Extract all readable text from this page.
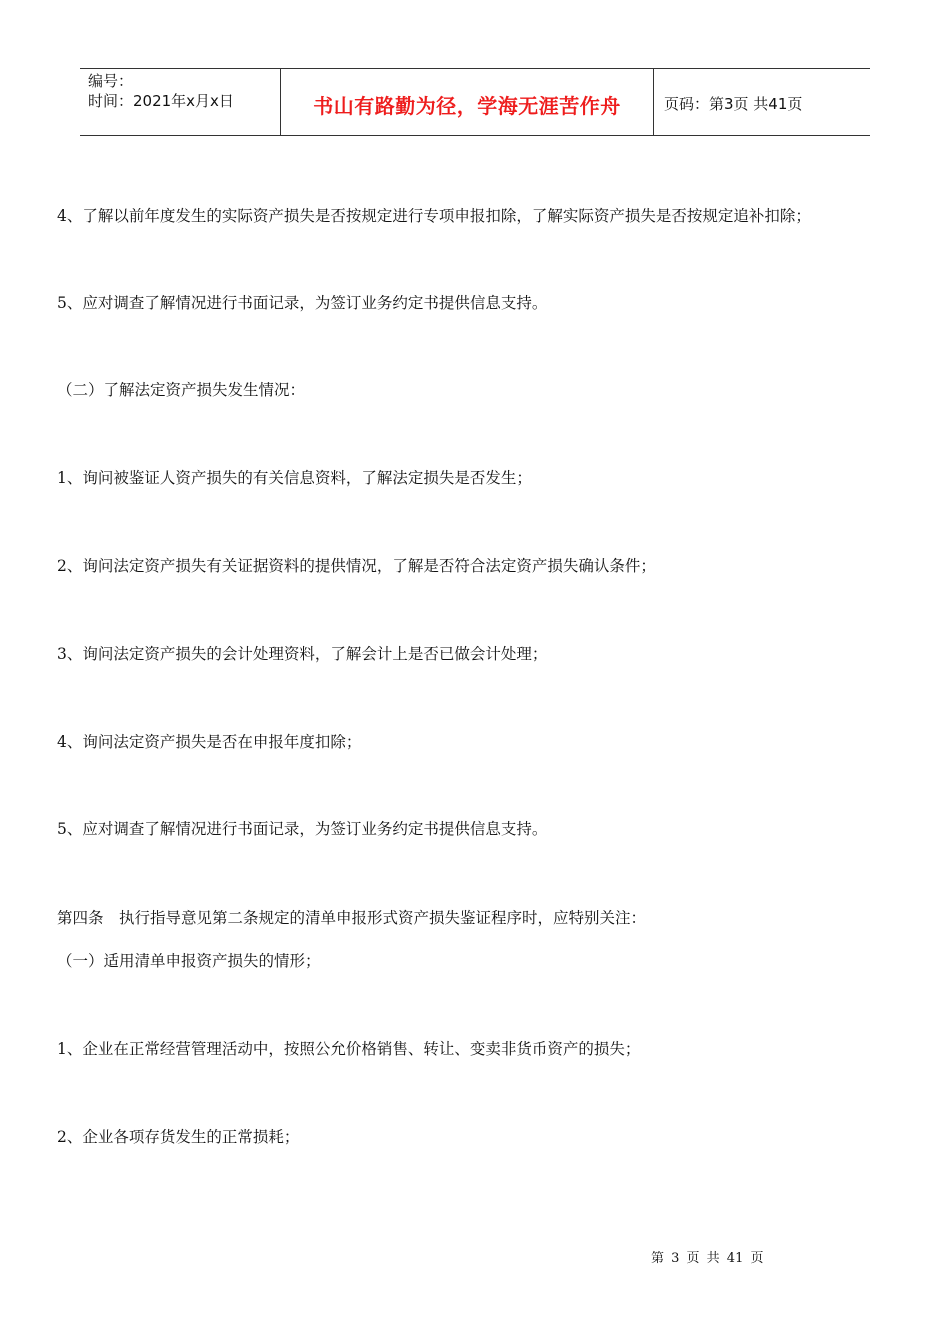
编号：
时间：2021年x月x日	书山有路勤为径，学海无涯苦作舟	页码：第3页 共41页
4、了解以前年度发生的实际资产损失是否按规定进行专项申报扣除，了解实际资产损失是否按规定追补扣除；
5、应对调查了解情况进行书面记录，为签订业务约定书提供信息支持。
（二）了解法定资产损失发生情况：
1、询问被鉴证人资产损失的有关信息资料，了解法定损失是否发生；
2、询问法定资产损失有关证据资料的提供情况，了解是否符合法定资产损失确认条件；
3、询问法定资产损失的会计处理资料，了解会计上是否已做会计处理；
4、询问法定资产损失是否在申报年度扣除；
5、应对调查了解情况进行书面记录，为签订业务约定书提供信息支持。
第四条　执行指导意见第二条规定的清单申报形式资产损失鉴证程序时，应特别关注：
（一）适用清单申报资产损失的情形；
1、企业在正常经营管理活动中，按照公允价格销售、转让、变卖非货币资产的损失；
2、企业各项存货发生的正常损耗；
第 3 页 共 41 页
